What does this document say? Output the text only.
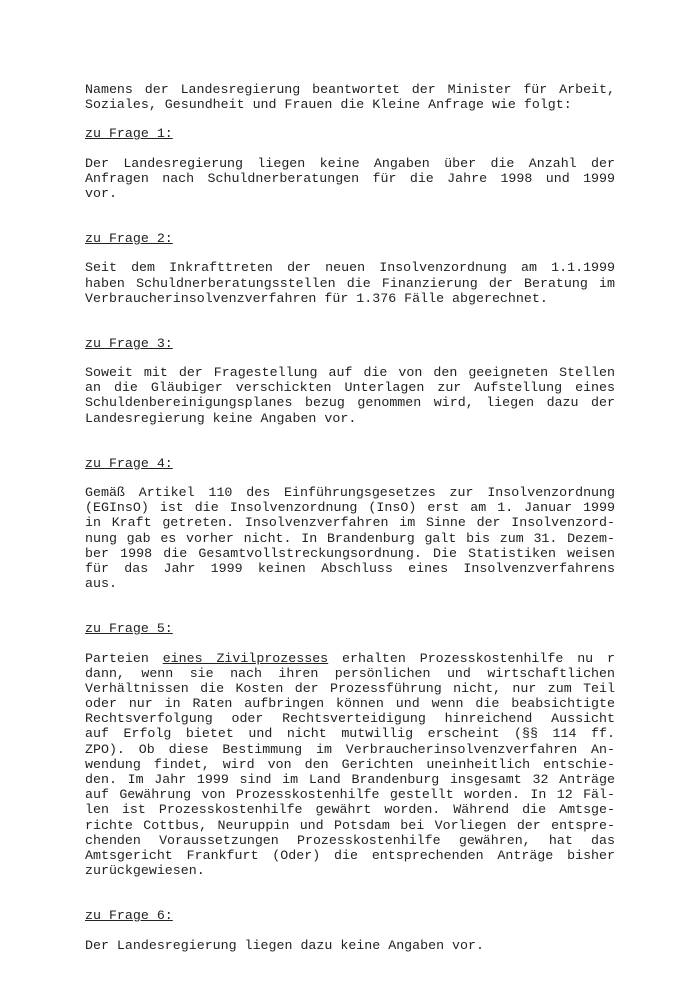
Namens der Landesregierung beantwortet der Minister für Arbeit,
Soziales, Gesundheit und Frauen die Kleine Anfrage wie folgt:
zu Frage 1:
Der Landesregierung liegen keine Angaben über die Anzahl der
Anfragen nach Schuldnerberatungen für die Jahre 1998 und 1999
vor.
zu Frage 2:
Seit dem Inkrafttreten der neuen Insolvenzordnung am 1.1.1999
haben Schuldnerberatungsstellen die Finanzierung der Beratung im
Verbraucherinsolvenzverfahren für 1.376 Fälle abgerechnet.
zu Frage 3:
Soweit mit der Fragestellung auf die von den geeigneten Stellen
an die Gläubiger verschickten Unterlagen zur Aufstellung eines
Schuldenbereinigungsplanes bezug genommen wird, liegen dazu der
Landesregierung keine Angaben vor.
zu Frage 4:
Gemäß Artikel 110 des Einführungsgesetzes zur Insolvenzordnung
(EGInsO) ist die Insolvenzordnung (InsO) erst am 1. Januar 1999
in Kraft getreten. Insolvenzverfahren im Sinne der Insolvenzord-
nung gab es vorher nicht. In Brandenburg galt bis zum 31. Dezem-
ber 1998 die Gesamtvollstreckungsordnung. Die Statistiken weisen
für das Jahr 1999 keinen Abschluss eines Insolvenzverfahrens
aus.
zu Frage 5:
Parteien eines Zivilprozesses erhalten Prozesskostenhilfe nu r
dann, wenn sie nach ihren persönlichen und wirtschaftlichen
Verhältnissen die Kosten der Prozessführung nicht, nur zum Teil
oder nur in Raten aufbringen können und wenn die beabsichtigte
Rechtsverfolgung oder Rechtsverteidigung hinreichend Aussicht
auf Erfolg bietet und nicht mutwillig erscheint (§§ 114 ff.
ZPO). Ob diese Bestimmung im Verbraucherinsolvenzverfahren An-
wendung findet, wird von den Gerichten uneinheitlich entschie-
den. Im Jahr 1999 sind im Land Brandenburg insgesamt 32 Anträge
auf Gewährung von Prozesskostenhilfe gestellt worden. In 12 Fäl-
len ist Prozesskostenhilfe gewährt worden. Während die Amtsge-
richte Cottbus, Neuruppin und Potsdam bei Vorliegen der entspre-
chenden Voraussetzungen Prozesskostenhilfe gewähren, hat das
Amtsgericht Frankfurt (Oder) die entsprechenden Anträge bisher
zurückgewiesen.
zu Frage 6:
Der Landesregierung liegen dazu keine Angaben vor.
